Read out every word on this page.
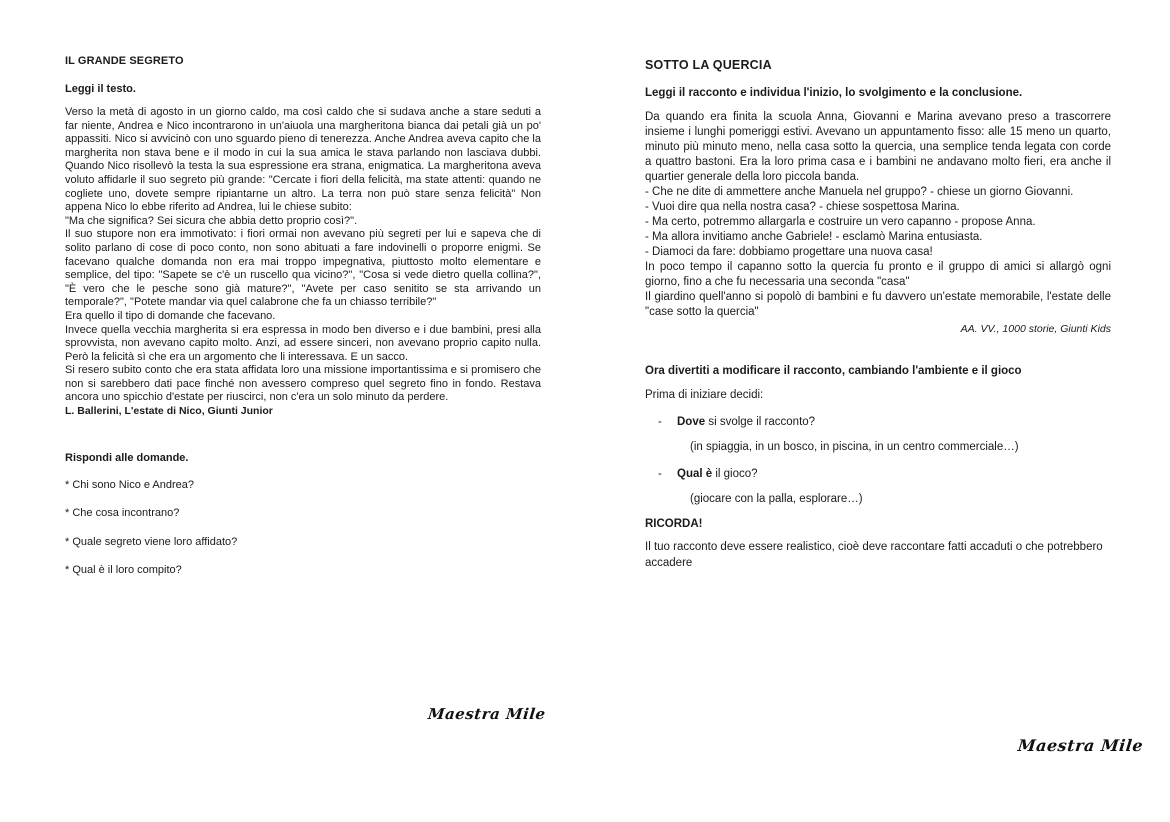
IL GRANDE SEGRETO

Leggi il testo.

Verso la metà di agosto in un giorno caldo, ma così caldo che si sudava anche a stare seduti a far niente, Andrea e Nico incontrarono in un'aiuola una margheritona bianca dai petali già un po' appassiti. Nico si avvicinò con uno sguardo pieno di tenerezza. Anche Andrea aveva capito che la margherita non stava bene e il modo in cui la sua amica le stava parlando non lasciava dubbi. Quando Nico risollevò la testa la sua espressione era strana, enigmatica. La margheritona aveva voluto affidarle il suo segreto più grande: "Cercate i fiori della felicità, ma state attenti: quando ne cogliete uno, dovete sempre ripiantarne un altro. La terra non può stare senza felicità" Non appena Nico lo ebbe riferito ad Andrea, lui le chiese subito:

"Ma che significa? Sei sicura che abbia detto proprio così?".

Il suo stupore non era immotivato: i fiori ormai non avevano più segreti per lui e sapeva che di solito parlano di cose di poco conto, non sono abituati a fare indovinelli o proporre enigmi. Se facevano qualche domanda non era mai troppo impegnativa, piuttosto molto elementare e semplice, del tipo: "Sapete se c'è un ruscello qua vicino?", "Cosa si vede dietro quella collina?", "È vero che le pesche sono già mature?", "Avete per caso senitito se sta arrivando un temporale?", "Potete mandar via quel calabrone che fa un chiasso terribile?"

Era quello il tipo di domande che facevano.

Invece quella vecchia margherita si era espressa in modo ben diverso e i due bambini, presi alla sprovvista, non avevano capito molto. Anzi, ad essere sinceri, non avevano proprio capito nulla. Però la felicità sì che era un argomento che li interessava. E un sacco.

Si resero subito conto che era stata affidata loro una missione importantissima e si promisero che non si sarebbero dati pace finché non avessero compreso quel segreto fino in fondo. Restava ancora uno spicchio d'estate per riuscirci, non c'era un solo minuto da perdere.

L. Ballerini, L'estate di Nico, Giunti Junior

Rispondi alle domande.

* Chi sono Nico e Andrea?

* Che cosa incontrano?

* Quale segreto viene loro affidato?

* Qual è il loro compito?

SOTTO LA QUERCIA

Leggi il racconto e individua l'inizio, lo svolgimento e la conclusione.

Da quando era finita la scuola Anna, Giovanni e Marina avevano preso a trascorrere insieme i lunghi pomeriggi estivi. Avevano un appuntamento fisso: alle 15 meno un quarto, minuto più minuto meno, nella casa sotto la quercia, una semplice tenda legata con corde a quattro bastoni. Era la loro prima casa e i bambini ne andavano molto fieri, era anche il quartier generale della loro piccola banda.

- Che ne dite di ammettere anche Manuela nel gruppo? - chiese un giorno Giovanni.
- Vuoi dire qua nella nostra casa? - chiese sospettosa Marina.
- Ma certo, potremmo allargarla e costruire un vero capanno - propose Anna.
- Ma allora invitiamo anche Gabriele! - esclamò Marina entusiasta.
- Diamoci da fare: dobbiamo progettare una nuova casa!

In poco tempo il capanno sotto la quercia fu pronto e il gruppo di amici si allargò ogni giorno, fino a che fu necessaria una seconda "casa"

Il giardino quell'anno si popolò di bambini e fu davvero un'estate memorabile, l'estate delle "case sotto la quercia"

AA. VV., 1000 storie, Giunti Kids

Ora divertiti a modificare il racconto, cambiando l'ambiente e il gioco

Prima di iniziare decidi:

-	Dove si svolge il racconto?

(in spiaggia, in un bosco, in piscina, in un centro commerciale…)

-	Qual è il gioco?

(giocare con la palla, esplorare…)

RICORDA!

Il tuo racconto deve essere realistico, cioè deve raccontare fatti accaduti o che potrebbero accadere

Maestra Mile
Maestra Mile
